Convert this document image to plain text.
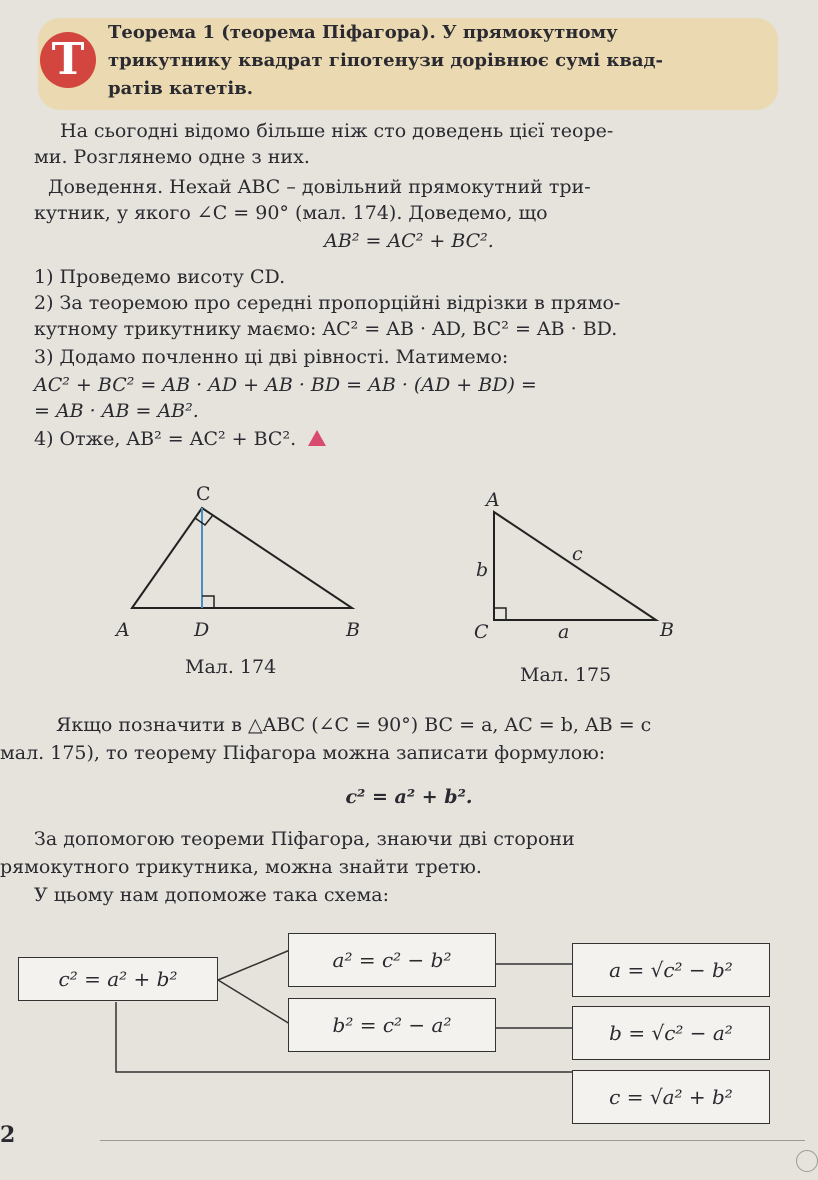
Т
Теорема 1 (теорема Піфагора). У прямокутному
трикутнику квадрат гіпотенузи дорівнює сумі квад-
ратів катетів.
На сьогодні відомо більше ніж сто доведень цієї теоре-
ми. Розглянемо одне з них.
Доведення. Нехай ABC – довільний прямокутний три-
кутник, у якого ∠C = 90° (мал. 174). Доведемо, що
AB² = AC² + BC².
1) Проведемо висоту CD.
2) За теоремою про середні пропорційні відрізки в прямо-
кутному трикутнику маємо: AC² = AB · AD, BC² = AB · BD.
3) Додамо почленно ці дві рівності. Матимемо:
AC² + BC² = AB · AD + AB · BD = AB · (AD + BD) =
= AB · AB = AB².
4) Отже, AB² = AC² + BC².
C
A	D	B
Мал. 174
A
C	B
b
c
a
Мал. 175
Якщо позначити в △ABC (∠C = 90°) BC = a, AC = b, AB = c
мал. 175), то теорему Піфагора можна записати формулою:
c² = a² + b².
За допомогою теореми Піфагора, знаючи дві сторони
рямокутного трикутника, можна знайти третю.
У цьому нам допоможе така схема:
c² = a² + b²
a² = c² − b²
b² = c² − a²
a = √c² − b²
b = √c² − a²
c = √a² + b²
2
